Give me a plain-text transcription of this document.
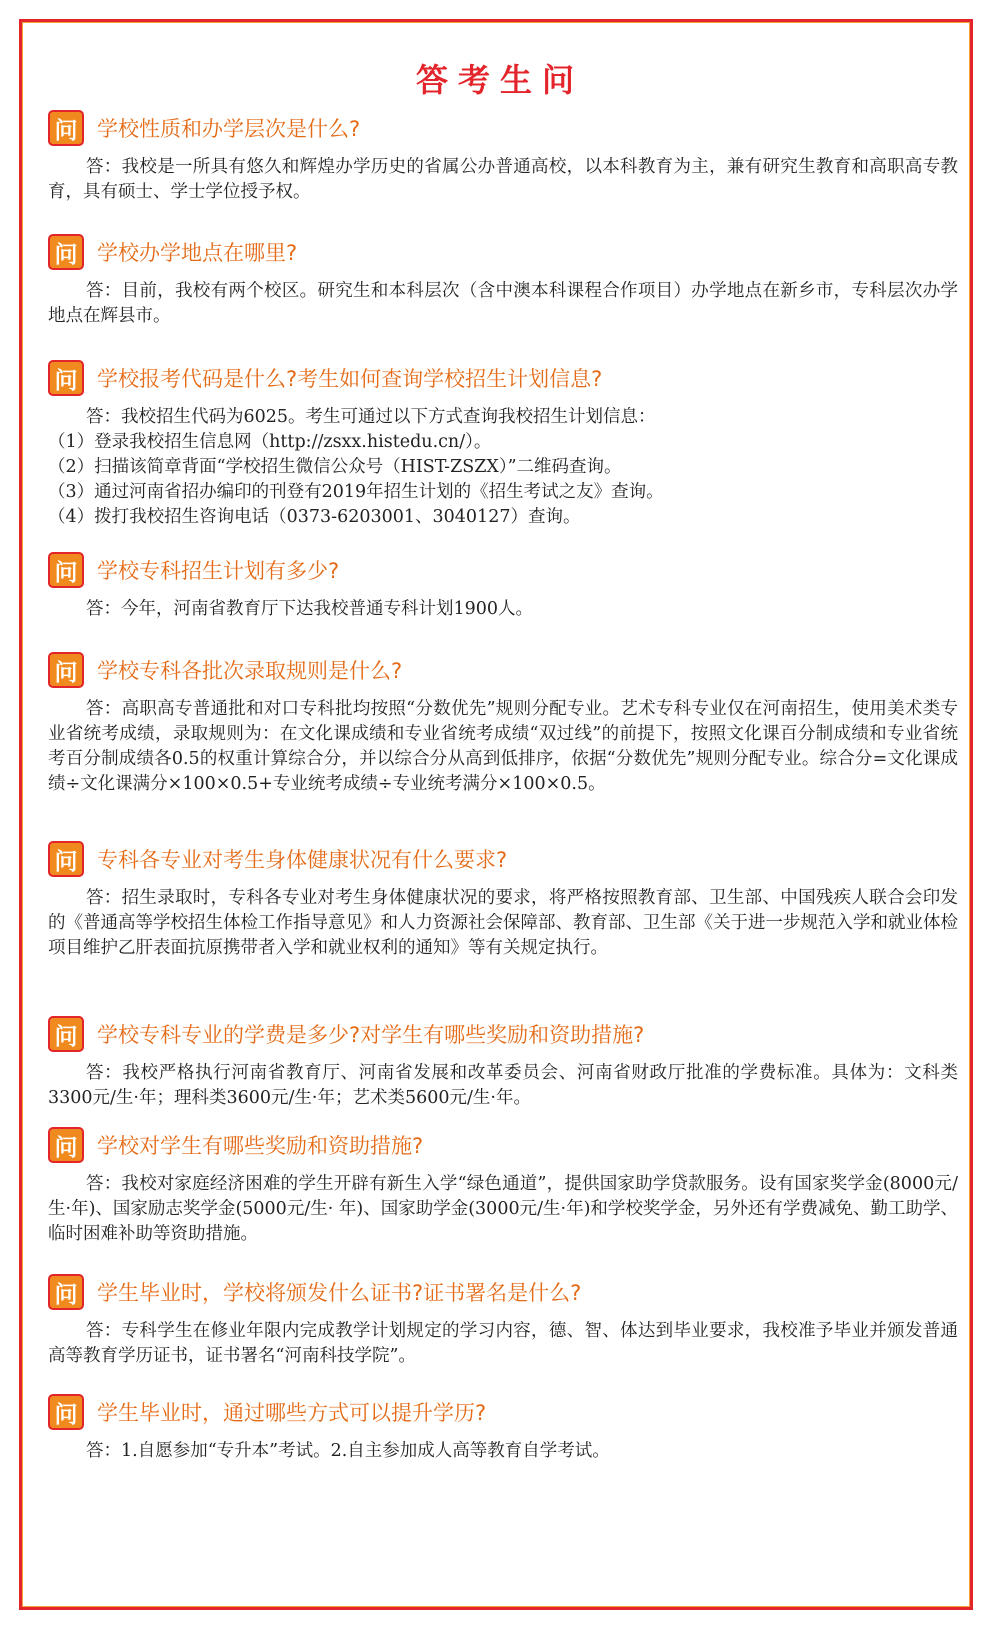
答考生问
问 学校性质和办学层次是什么?

答：我校是一所具有悠久和辉煌办学历史的省属公办普通高校，以本科教育为主，兼有研究生教育和高职高专教育，具有硕士、学士学位授予权。

问 学校办学地点在哪里?

答：目前，我校有两个校区。研究生和本科层次（含中澳本科课程合作项目）办学地点在新乡市，专科层次办学地点在辉县市。

问 学校报考代码是什么?考生如何查询学校招生计划信息?

答：我校招生代码为6025。考生可通过以下方式查询我校招生计划信息：

（1）登录我校招生信息网（http://zsxx.histedu.cn/）。

（2）扫描该简章背面“学校招生微信公众号（HIST-ZSZX）”二维码查询。

（3）通过河南省招办编印的刊登有2019年招生计划的《招生考试之友》查询。

（4）拨打我校招生咨询电话（0373-6203001、3040127）查询。

问 学校专科招生计划有多少?

答：今年，河南省教育厅下达我校普通专科计划1900人。

问 学校专科各批次录取规则是什么?

答：高职高专普通批和对口专科批均按照“分数优先”规则分配专业。艺术专科专业仅在河南招生，使用美术类专业省统考成绩，录取规则为：在文化课成绩和专业省统考成绩“双过线”的前提下，按照文化课百分制成绩和专业省统考百分制成绩各0.5的权重计算综合分，并以综合分从高到低排序，依据“分数优先”规则分配专业。综合分=文化课成绩÷文化课满分×100×0.5+专业统考成绩÷专业统考满分×100×0.5。

问 专科各专业对考生身体健康状况有什么要求?

答：招生录取时，专科各专业对考生身体健康状况的要求，将严格按照教育部、卫生部、中国残疾人联合会印发的《普通高等学校招生体检工作指导意见》和人力资源社会保障部、教育部、卫生部《关于进一步规范入学和就业体检项目维护乙肝表面抗原携带者入学和就业权利的通知》等有关规定执行。

问 学校专科专业的学费是多少?对学生有哪些奖励和资助措施?

答：我校严格执行河南省教育厅、河南省发展和改革委员会、河南省财政厅批准的学费标准。具体为：文科类3300元/生·年；理科类3600元/生·年；艺术类5600元/生·年。

问 学校对学生有哪些奖励和资助措施?

答：我校对家庭经济困难的学生开辟有新生入学“绿色通道”，提供国家助学贷款服务。设有国家奖学金(8000元/生·年)、国家励志奖学金(5000元/生· 年)、国家助学金(3000元/生·年)和学校奖学金，另外还有学费减免、勤工助学、临时困难补助等资助措施。

问 学生毕业时，学校将颁发什么证书?证书署名是什么?

答：专科学生在修业年限内完成教学计划规定的学习内容，德、智、体达到毕业要求，我校准予毕业并颁发普通高等教育学历证书，证书署名“河南科技学院”。

问 学生毕业时，通过哪些方式可以提升学历?

答：1.自愿参加“专升本”考试。2.自主参加成人高等教育自学考试。
